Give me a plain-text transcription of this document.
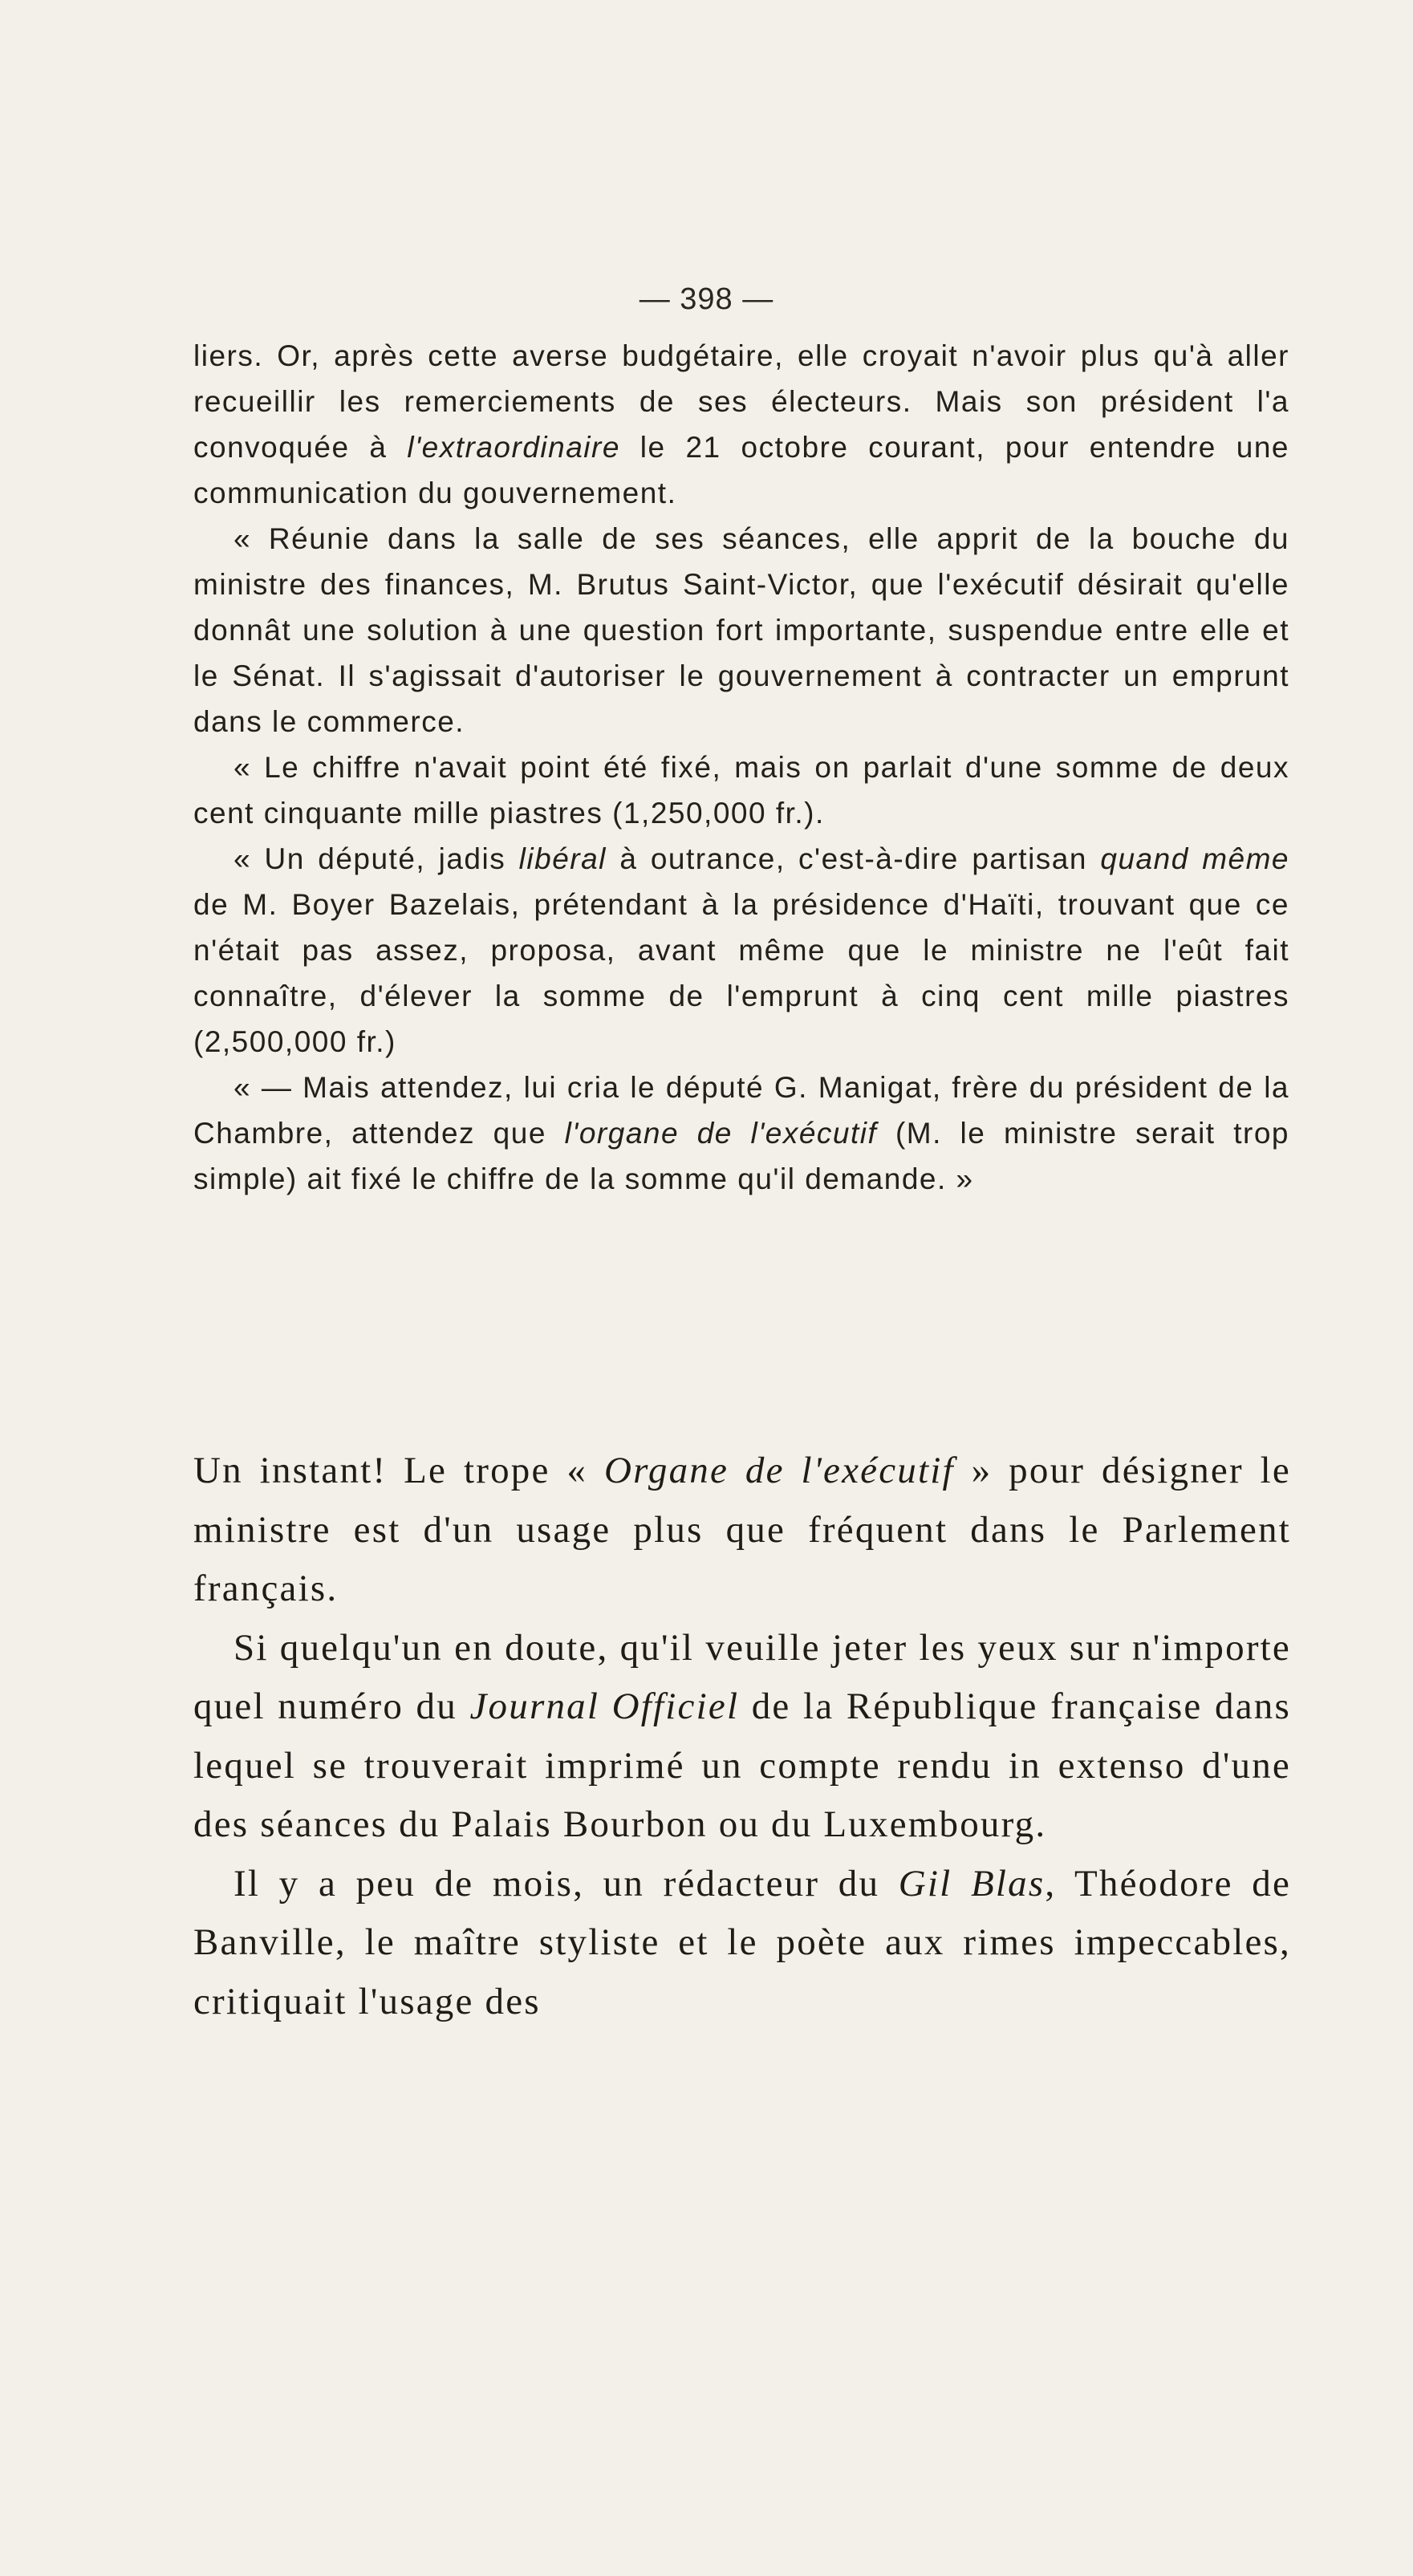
— 398 —

liers. Or, après cette averse budgétaire, elle croyait n'avoir plus qu'à aller recueillir les remerciements de ses électeurs. Mais son président l'a convoquée à l'extraordinaire le 21 octobre courant, pour entendre une communication du gouvernement.

« Réunie dans la salle de ses séances, elle apprit de la bouche du ministre des finances, M. Brutus Saint-Victor, que l'exécutif désirait qu'elle donnât une solution à une question fort importante, suspendue entre elle et le Sénat. Il s'agissait d'autoriser le gouvernement à contracter un emprunt dans le commerce.

« Le chiffre n'avait point été fixé, mais on parlait d'une somme de deux cent cinquante mille piastres (1,250,000 fr.).

« Un député, jadis libéral à outrance, c'est-à-dire partisan quand même de M. Boyer Bazelais, prétendant à la présidence d'Haïti, trouvant que ce n'était pas assez, proposa, avant même que le ministre ne l'eût fait connaître, d'élever la somme de l'emprunt à cinq cent mille piastres (2,500,000 fr.)

« — Mais attendez, lui cria le député G. Manigat, frère du président de la Chambre, attendez que l'organe de l'exécutif (M. le ministre serait trop simple) ait fixé le chiffre de la somme qu'il demande. »

Un instant! Le trope « Organe de l'exécutif » pour désigner le ministre est d'un usage plus que fréquent dans le Parlement français.

Si quelqu'un en doute, qu'il veuille jeter les yeux sur n'importe quel numéro du Journal Officiel de la République française dans lequel se trouverait imprimé un compte rendu in extenso d'une des séances du Palais Bourbon ou du Luxembourg.

Il y a peu de mois, un rédacteur du Gil Blas, Théodore de Banville, le maître styliste et le poète aux rimes impeccables, critiquait l'usage des
